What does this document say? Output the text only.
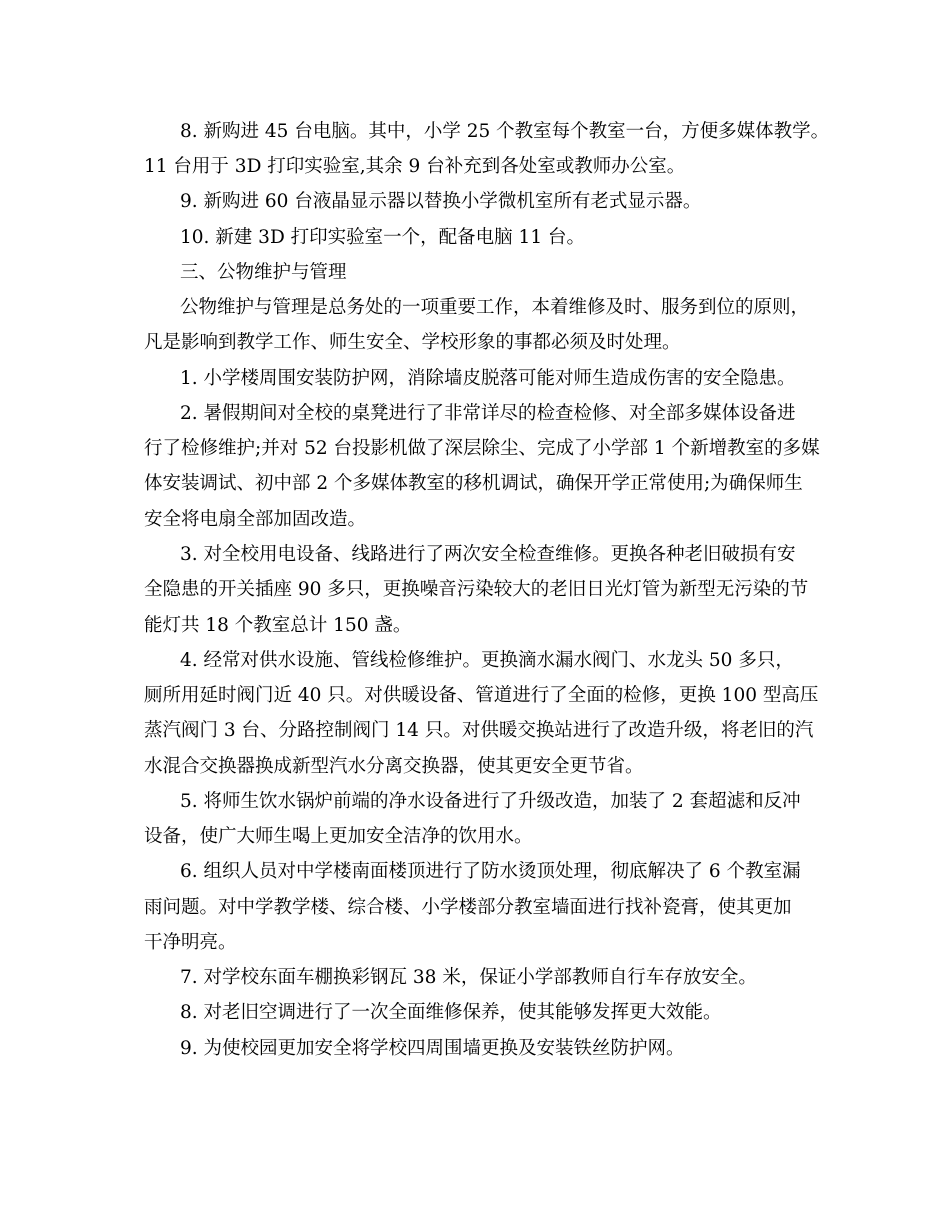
8. 新购进 45 台电脑。其中，小学 25 个教室每个教室一台，方便多媒体教学。
11 台用于 3D 打印实验室,其余 9 台补充到各处室或教师办公室。
9. 新购进 60 台液晶显示器以替换小学微机室所有老式显示器。
10. 新建 3D 打印实验室一个，配备电脑 11 台。
三、公物维护与管理
公物维护与管理是总务处的一项重要工作，本着维修及时、服务到位的原则，
凡是影响到教学工作、师生安全、学校形象的事都必须及时处理。
1. 小学楼周围安装防护网，消除墙皮脱落可能对师生造成伤害的安全隐患。
2. 暑假期间对全校的桌凳进行了非常详尽的检查检修、对全部多媒体设备进
行了检修维护;并对 52 台投影机做了深层除尘、完成了小学部 1 个新增教室的多媒
体安装调试、初中部 2 个多媒体教室的移机调试，确保开学正常使用;为确保师生
安全将电扇全部加固改造。
3. 对全校用电设备、线路进行了两次安全检查维修。更换各种老旧破损有安
全隐患的开关插座 90 多只，更换噪音污染较大的老旧日光灯管为新型无污染的节
能灯共 18 个教室总计 150 盏。
4. 经常对供水设施、管线检修维护。更换滴水漏水阀门、水龙头 50 多只，
厕所用延时阀门近 40 只。对供暖设备、管道进行了全面的检修，更换 100 型高压
蒸汽阀门 3 台、分路控制阀门 14 只。对供暖交换站进行了改造升级，将老旧的汽
水混合交换器换成新型汽水分离交换器，使其更安全更节省。
5. 将师生饮水锅炉前端的净水设备进行了升级改造，加装了 2 套超滤和反冲
设备，使广大师生喝上更加安全洁净的饮用水。
6. 组织人员对中学楼南面楼顶进行了防水烫顶处理，彻底解决了 6 个教室漏
雨问题。对中学教学楼、综合楼、小学楼部分教室墙面进行找补瓷膏，使其更加
干净明亮。
7. 对学校东面车棚换彩钢瓦 38 米，保证小学部教师自行车存放安全。
8. 对老旧空调进行了一次全面维修保养，使其能够发挥更大效能。
9. 为使校园更加安全将学校四周围墙更换及安装铁丝防护网。
